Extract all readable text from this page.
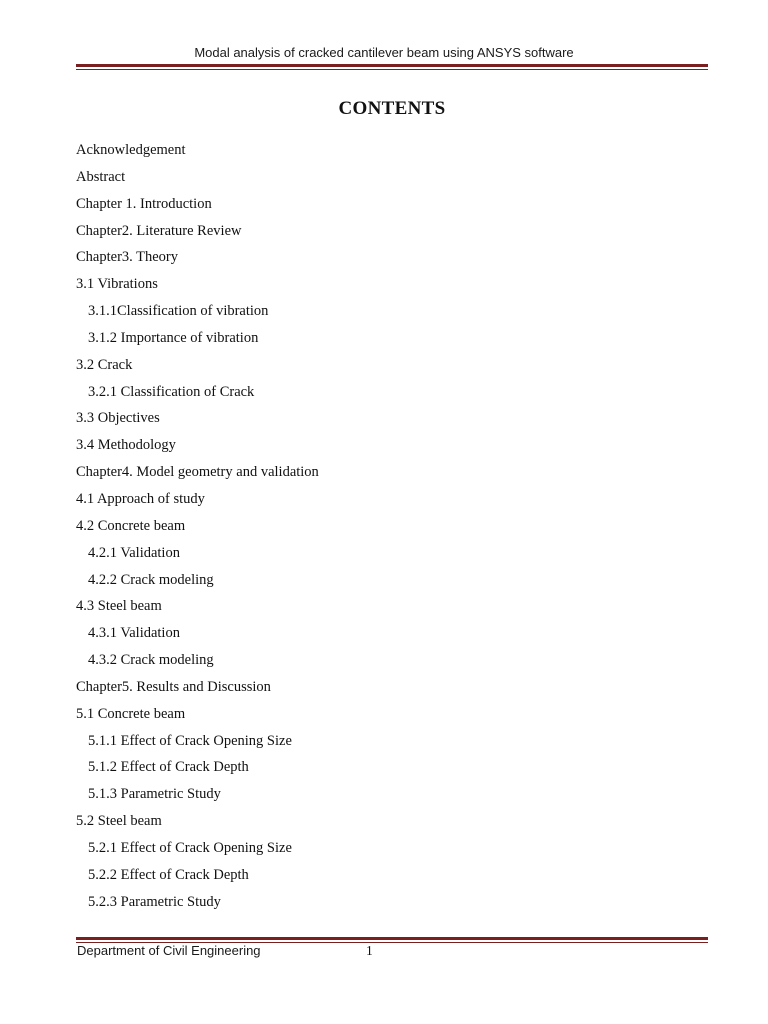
Modal analysis of cracked cantilever beam using ANSYS software
CONTENTS
Acknowledgement
Abstract
Chapter 1. Introduction
Chapter2. Literature Review
Chapter3. Theory
3.1 Vibrations
3.1.1Classification of vibration
3.1.2 Importance of vibration
3.2 Crack
3.2.1 Classification of Crack
3.3 Objectives
3.4 Methodology
Chapter4. Model geometry and validation
4.1 Approach of study
4.2 Concrete beam
4.2.1 Validation
4.2.2 Crack modeling
4.3 Steel beam
4.3.1 Validation
4.3.2 Crack modeling
Chapter5. Results and Discussion
5.1 Concrete beam
5.1.1 Effect of Crack Opening Size
5.1.2 Effect of Crack Depth
5.1.3 Parametric Study
5.2 Steel beam
5.2.1 Effect of Crack Opening Size
5.2.2 Effect of Crack Depth
5.2.3 Parametric Study
Department of Civil Engineering	1
